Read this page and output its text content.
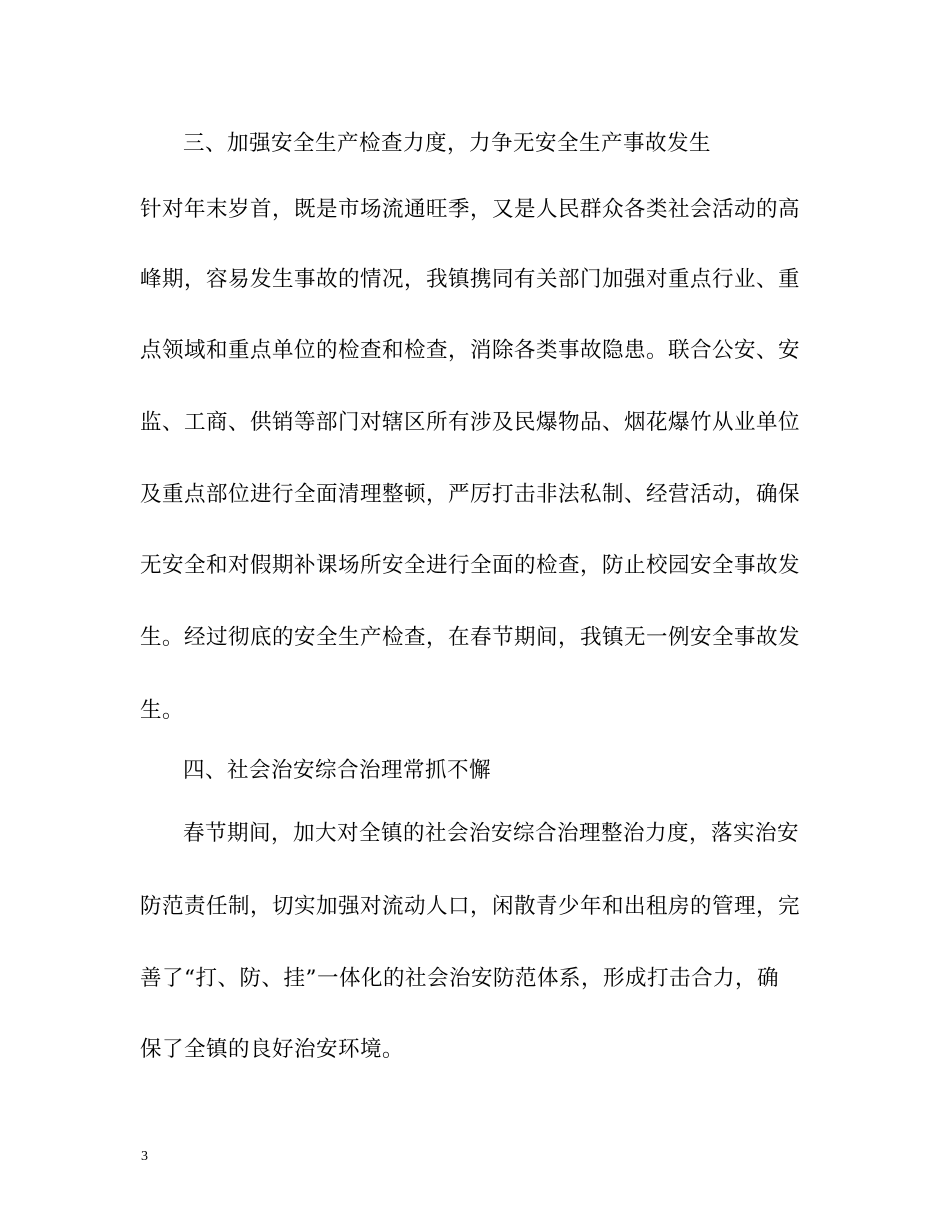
三、加强安全生产检查力度，力争无安全生产事故发生
针对年末岁首，既是市场流通旺季，又是人民群众各类社会活动的高
峰期，容易发生事故的情况，我镇携同有关部门加强对重点行业、重
点领域和重点单位的检查和检查，消除各类事故隐患。联合公安、安
监、工商、供销等部门对辖区所有涉及民爆物品、烟花爆竹从业单位
及重点部位进行全面清理整顿，严厉打击非法私制、经营活动，确保
无安全和对假期补课场所安全进行全面的检查，防止校园安全事故发
生。经过彻底的安全生产检查，在春节期间，我镇无一例安全事故发
生。
四、社会治安综合治理常抓不懈
春节期间，加大对全镇的社会治安综合治理整治力度，落实治安
防范责任制，切实加强对流动人口，闲散青少年和出租房的管理，完
善了“打、防、挂”一体化的社会治安防范体系，形成打击合力，确
保了全镇的良好治安环境。
3
